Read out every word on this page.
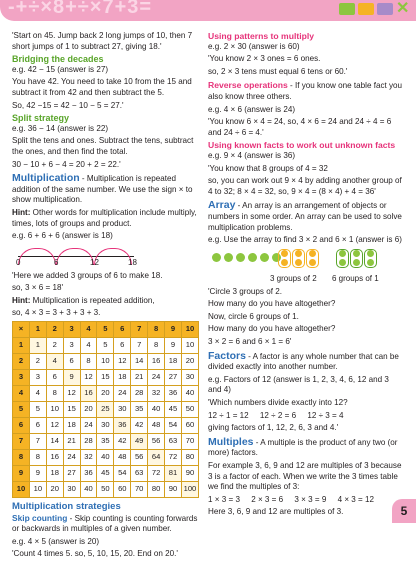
-+÷×8+÷×7+3=	✕

'Start on 45. Jump back 2 long jumps of 10, then 7 short jumps of 1 to subtract 27, giving 18.'

Bridging the decades

e.g. 42 − 15 (answer is 27)

You have 42. You need to take 10 from the 15 and subtract it from 42 and then subtract the 5.

So, 42 −15 = 42 − 10 − 5 = 27.'

Split strategy

e.g. 36 − 14 (answer is 22)

Split the tens and ones. Subtract the tens, subtract the ones, and then find the total.

30 − 10 + 6 − 4 = 20 + 2 = 22.'

Multiplication - Multiplication is repeated addition of the same number. We use the sign × to show multiplication.

Hint: Other words for multiplication include multiply, times, lots of groups and product.

e.g. 6 + 6 + 6 (answer is 18)

0	6	12	18

'Here we added 3 groups of 6 to make 18.

so, 3 × 6 = 18'

Hint: Multiplication is repeated addition,

so, 4 × 3 = 3 + 3 + 3 + 3.

×	1	2	3	4	5	6	7	8	9	10
1	1	2	3	4	5	6	7	8	9	10
2	2	4	6	8	10	12	14	16	18	20
3	3	6	9	12	15	18	21	24	27	30
4	4	8	12	16	20	24	28	32	36	40
5	5	10	15	20	25	30	35	40	45	50
6	6	12	18	24	30	36	42	48	54	60
7	7	14	21	28	35	42	49	56	63	70
8	8	16	24	32	40	48	56	64	72	80
9	9	18	27	36	45	54	63	72	81	90
10	10	20	30	40	50	60	70	80	90	100
Multiplication strategies

Skip counting - Skip counting is counting forwards or backwards in multiples of a given number.

e.g. 4 × 5 (answer is 20)

'Count 4 times 5. so, 5, 10, 15, 20. End on 20.'

Using patterns to multiply

e.g. 2 × 30 (answer is 60)

'You know 2 × 3 ones = 6 ones.

so, 2 × 3 tens must equal 6 tens or 60.'

Reverse operations - If you know one table fact you also know three others.

e.g. 4 × 6 (answer is 24)

'You know 6 × 4 = 24, so, 4 × 6 = 24 and 24 ÷ 4 = 6 and 24 ÷ 6 = 4.'

Using known facts to work out unknown facts

e.g. 9 × 4 (answer is 36)

'You know that 8 groups of 4 = 32

so, you can work out 9 × 4 by adding another group of 4 to 32; 8 × 4 = 32, so, 9 × 4 = (8 × 4) + 4 = 36'

Array - An array is an arrangement of objects or numbers in some order. An array can be used to solve multiplication problems.

e.g. Use the array to find 3 × 2 and 6 × 1 (answer is 6)

3 groups of 2 6 groups of 1

'Circle 3 groups of 2.

How many do you have altogether?

Now, circle 6 groups of 1.

How many do you have altogether?

3 × 2 = 6 and 6 × 1 = 6'

Factors - A factor is any whole number that can be divided exactly into another number.

e.g. Factors of 12 (answer is 1, 2, 3, 4, 6, 12 and 3 and 4)

'Which numbers divide exactly into 12?

12 ÷ 1 = 12     12 ÷ 2 = 6     12 ÷ 3 = 4

giving factors of 1, 12, 2, 6, 3 and 4.'

Multiples - A multiple is the product of any two (or more) factors.

For example 3, 6, 9 and 12 are multiples of 3 because 3 is a factor of each. When we write the 3 times table we find the multiples of 3:

1 × 3 = 3     2 × 3 = 6     3 × 3 = 9     4 × 3 = 12

Here 3, 6, 9 and 12 are multiples of 3.	5
